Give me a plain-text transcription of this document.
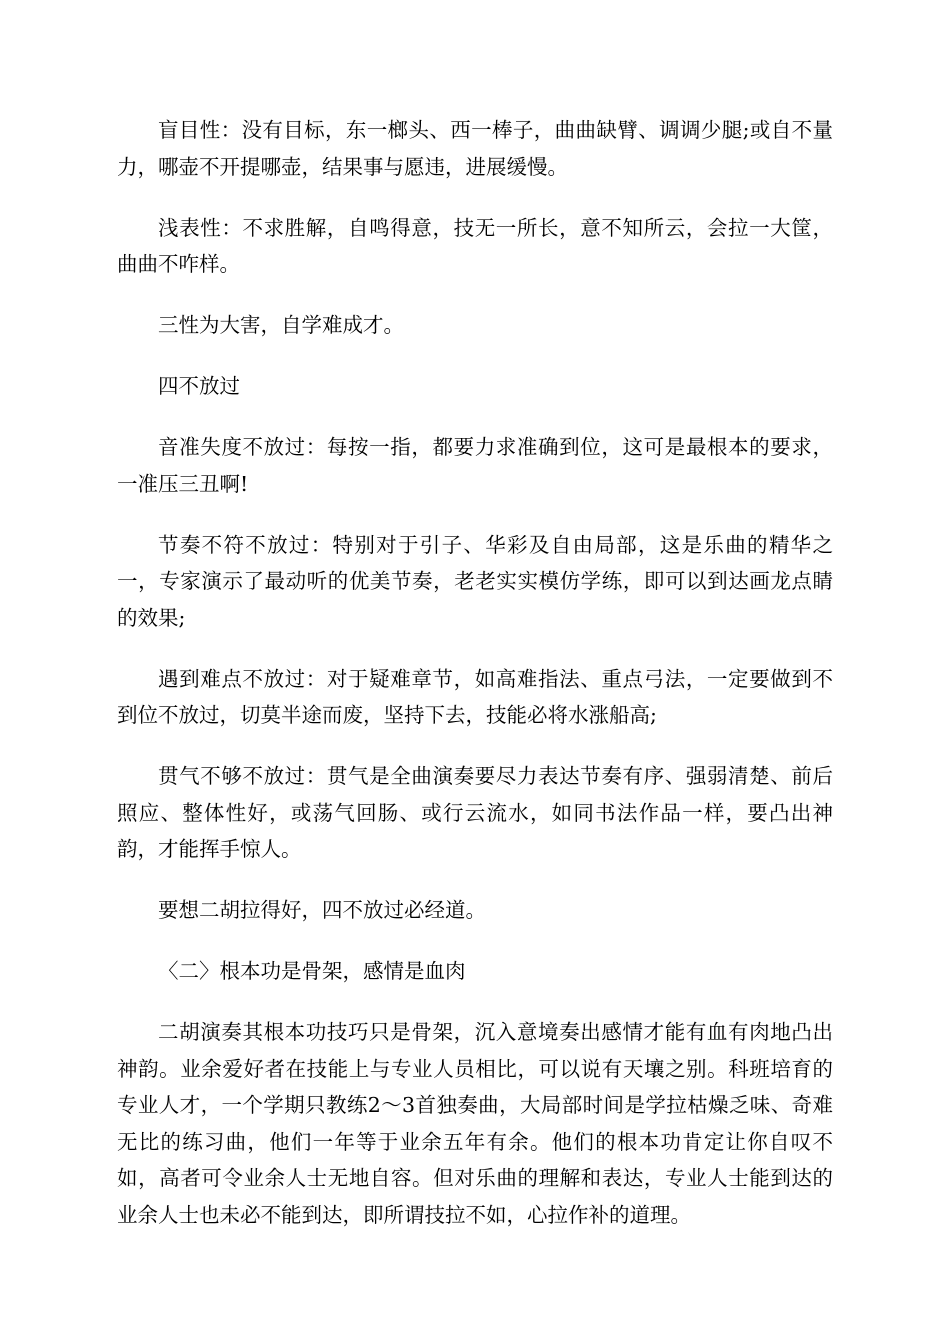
盲目性：没有目标，东一榔头、西一棒子，曲曲缺臂、调调少腿;或自不量力，哪壶不开提哪壶，结果事与愿违，进展缓慢。

浅表性：不求胜解，自鸣得意，技无一所长，意不知所云，会拉一大筐，曲曲不咋样。

三性为大害，自学难成才。

四不放过

音准失度不放过：每按一指，都要力求准确到位，这可是最根本的要求，一准压三丑啊!

节奏不符不放过：特别对于引子、华彩及自由局部，这是乐曲的精华之一，专家演示了最动听的优美节奏，老老实实模仿学练，即可以到达画龙点睛的效果;

遇到难点不放过：对于疑难章节，如高难指法、重点弓法，一定要做到不到位不放过，切莫半途而废，坚持下去，技能必将水涨船高;

贯气不够不放过：贯气是全曲演奏要尽力表达节奏有序、强弱清楚、前后照应、整体性好，或荡气回肠、或行云流水，如同书法作品一样，要凸出神韵，才能挥手惊人。

要想二胡拉得好，四不放过必经道。

〈二〉根本功是骨架，感情是血肉

二胡演奏其根本功技巧只是骨架，沉入意境奏出感情才能有血有肉地凸出神韵。业余爱好者在技能上与专业人员相比，可以说有天壤之别。科班培育的专业人才，一个学期只教练2～3首独奏曲，大局部时间是学拉枯燥乏味、奇难无比的练习曲，他们一年等于业余五年有余。他们的根本功肯定让你自叹不如，高者可令业余人士无地自容。但对乐曲的理解和表达，专业人士能到达的业余人士也未必不能到达，即所谓技拉不如，心拉作补的道理。
